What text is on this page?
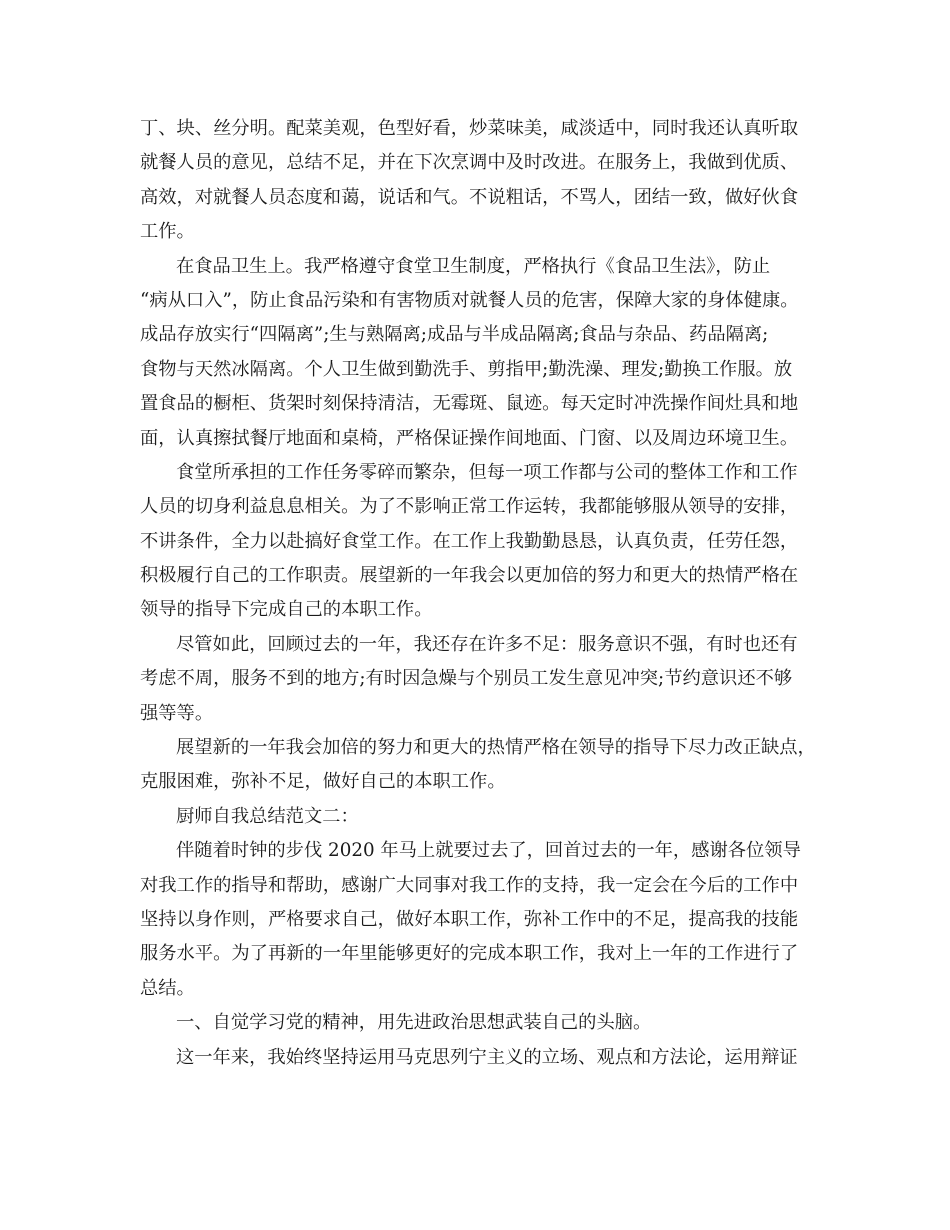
丁、块、丝分明。配菜美观，色型好看，炒菜味美，咸淡适中，同时我还认真听取
就餐人员的意见，总结不足，并在下次烹调中及时改进。在服务上，我做到优质、
高效，对就餐人员态度和蔼，说话和气。不说粗话，不骂人，团结一致，做好伙食
工作。
在食品卫生上。我严格遵守食堂卫生制度，严格执行《食品卫生法》，防止
“病从口入”，防止食品污染和有害物质对就餐人员的危害，保障大家的身体健康。
成品存放实行“四隔离”;生与熟隔离;成品与半成品隔离;食品与杂品、药品隔离;
食物与天然冰隔离。个人卫生做到勤洗手、剪指甲;勤洗澡、理发;勤换工作服。放
置食品的橱柜、货架时刻保持清洁，无霉斑、鼠迹。每天定时冲洗操作间灶具和地
面，认真擦拭餐厅地面和桌椅，严格保证操作间地面、门窗、以及周边环境卫生。
食堂所承担的工作任务零碎而繁杂，但每一项工作都与公司的整体工作和工作
人员的切身利益息息相关。为了不影响正常工作运转，我都能够服从领导的安排，
不讲条件，全力以赴搞好食堂工作。在工作上我勤勤恳恳，认真负责，任劳任怨，
积极履行自己的工作职责。展望新的一年我会以更加倍的努力和更大的热情严格在
领导的指导下完成自己的本职工作。
尽管如此，回顾过去的一年，我还存在许多不足：服务意识不强，有时也还有
考虑不周，服务不到的地方;有时因急燥与个别员工发生意见冲突;节约意识还不够
强等等。
展望新的一年我会加倍的努力和更大的热情严格在领导的指导下尽力改正缺点，
克服困难，弥补不足，做好自己的本职工作。
厨师自我总结范文二：
伴随着时钟的步伐 2020 年马上就要过去了，回首过去的一年，感谢各位领导
对我工作的指导和帮助，感谢广大同事对我工作的支持，我一定会在今后的工作中
坚持以身作则，严格要求自己，做好本职工作，弥补工作中的不足，提高我的技能
服务水平。为了再新的一年里能够更好的完成本职工作，我对上一年的工作进行了
总结。
一、自觉学习党的精神，用先进政治思想武装自己的头脑。
这一年来，我始终坚持运用马克思列宁主义的立场、观点和方法论，运用辩证
